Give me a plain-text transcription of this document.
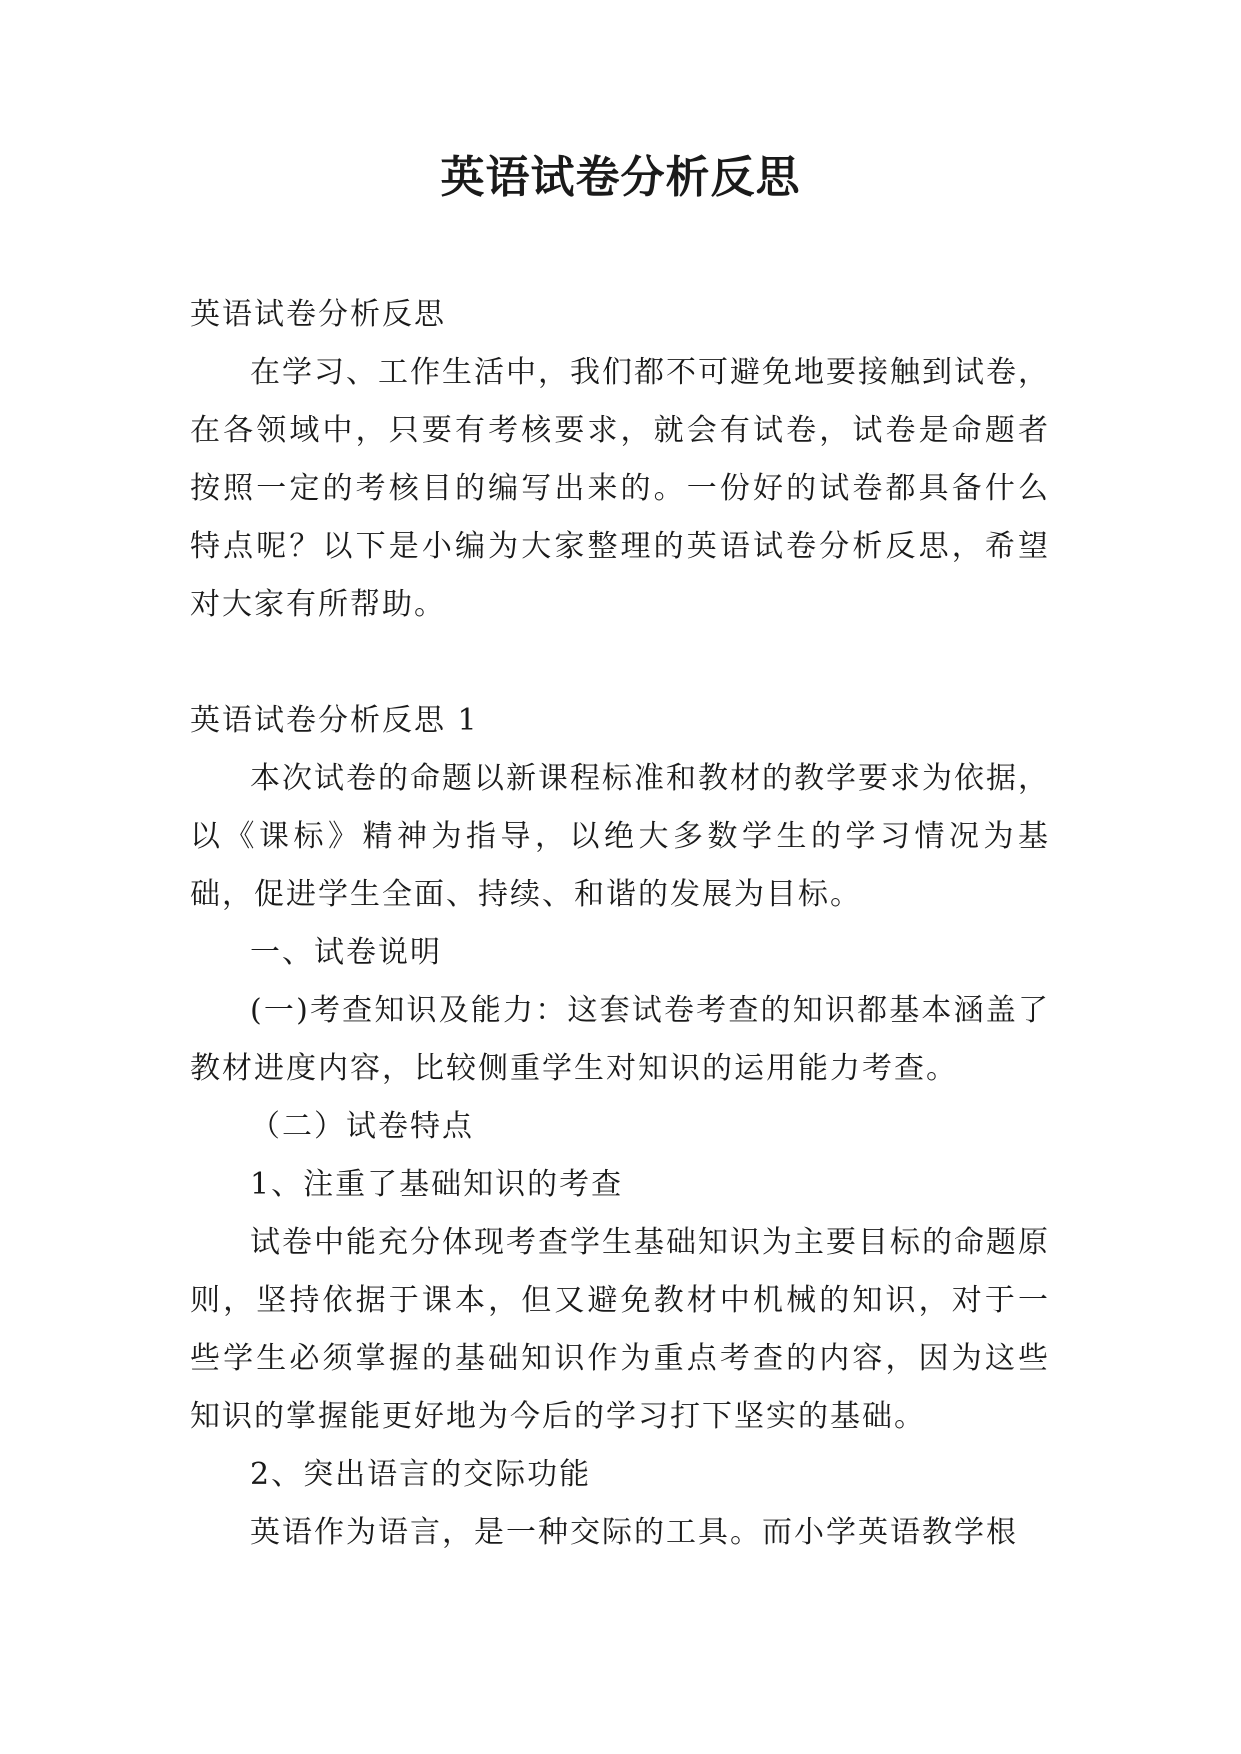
英语试卷分析反思

英语试卷分析反思

在学习、工作生活中，我们都不可避免地要接触到试卷，在各领域中，只要有考核要求，就会有试卷，试卷是命题者按照一定的考核目的编写出来的。一份好的试卷都具备什么特点呢？以下是小编为大家整理的英语试卷分析反思，希望对大家有所帮助。

英语试卷分析反思 1

本次试卷的命题以新课程标准和教材的教学要求为依据，以《课标》精神为指导，以绝大多数学生的学习情况为基础，促进学生全面、持续、和谐的发展为目标。

一、试卷说明

(一)考查知识及能力：这套试卷考查的知识都基本涵盖了教材进度内容，比较侧重学生对知识的运用能力考查。

（二）试卷特点

1、注重了基础知识的考查

试卷中能充分体现考查学生基础知识为主要目标的命题原则，坚持依据于课本，但又避免教材中机械的知识，对于一些学生必须掌握的基础知识作为重点考查的内容，因为这些知识的掌握能更好地为今后的学习打下坚实的基础。

2、突出语言的交际功能

英语作为语言，是一种交际的工具。而小学英语教学根
